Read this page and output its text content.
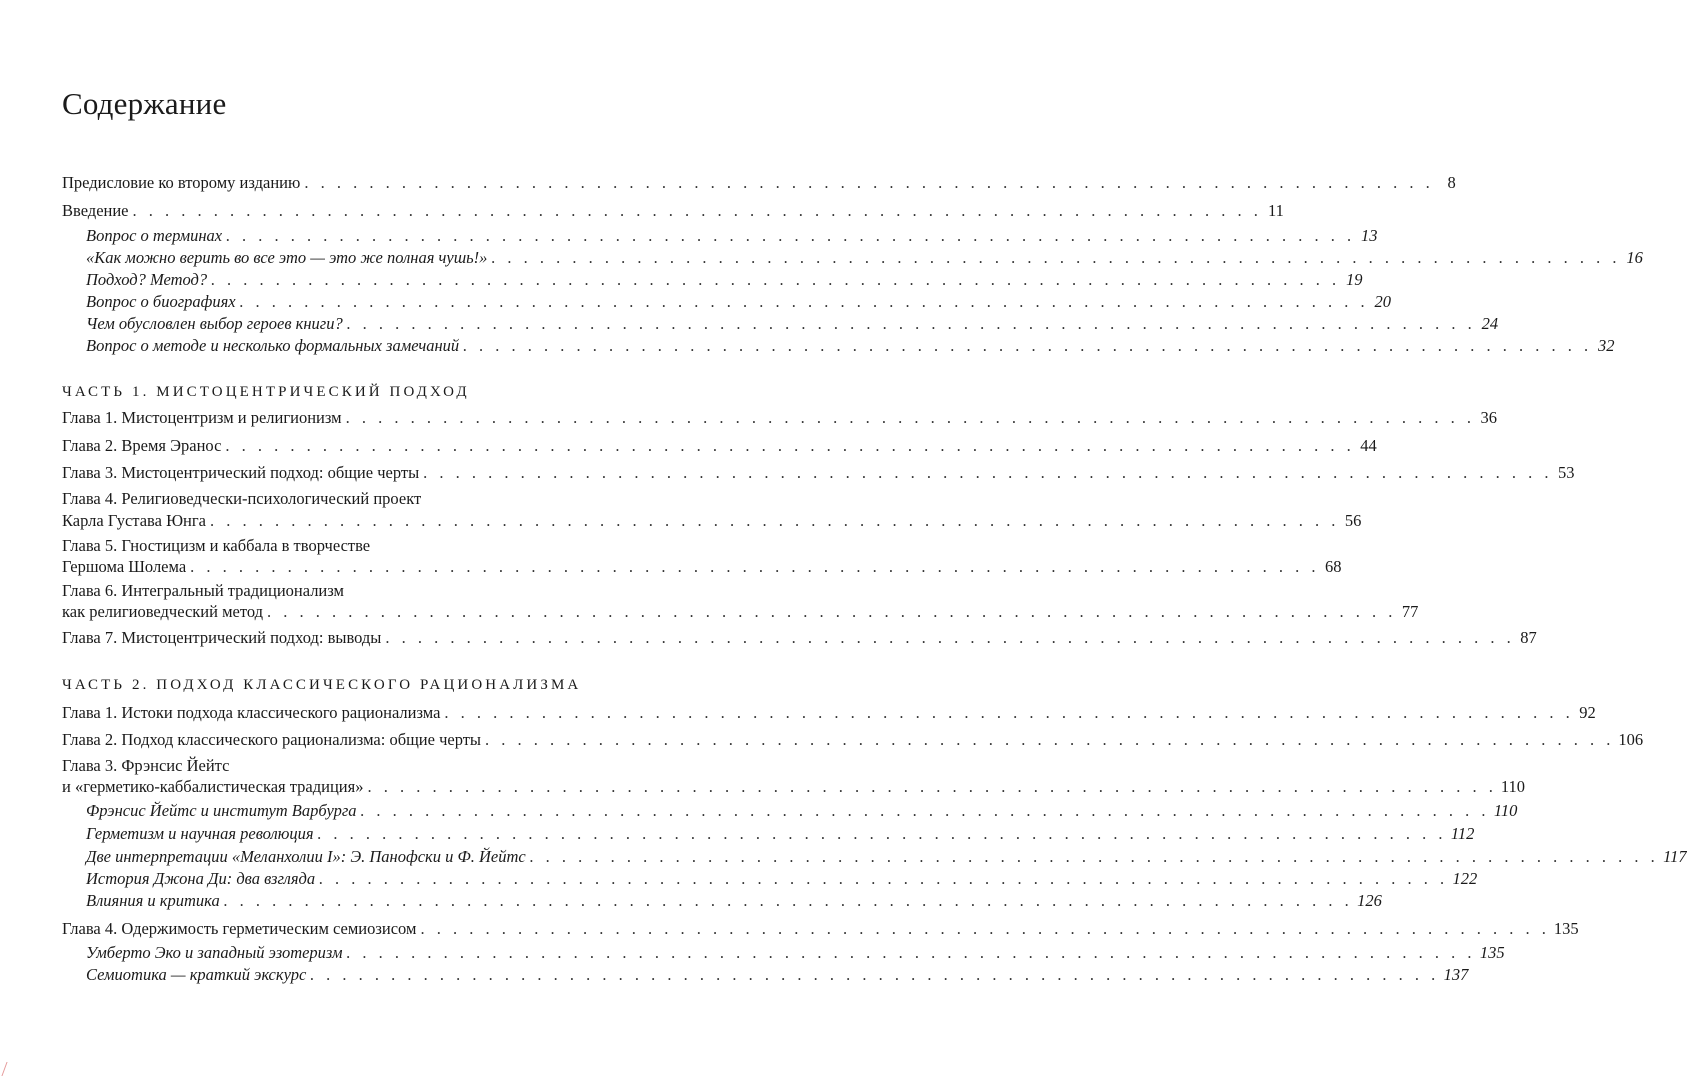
Содержание
Предисловие ко второму изданию . . . . . . . . . . . . . . . . . . . . . . . . . . . . . . . . . . . . . . . . . . . . . . . . . . . . . . . . . . . . . . . . . . . . . . 8
Введение . . . . . . . . . . . . . . . . . . . . . . . . . . . . . . . . . . . . . . . . . . . . . . . . . . . . . . . . . . . . . . . . . . . . . . 11
Вопрос о терминах . . . . . . . . . . . . . . . . . . . . . . . . . . . . . . . . . . . . . . . . . . . . . . . . . . . . . . . . . . . . . . . . . . . . . . 13
«Как можно верить во все это — это же полная чушь!» . . . . . . . . . . . . . . . . . . . . . . . . . . . . . . . . . . . . . . . . . . . . . . . . . . . . . . . . . . . . . . . . . . . . . . 16
Подход? Метод? . . . . . . . . . . . . . . . . . . . . . . . . . . . . . . . . . . . . . . . . . . . . . . . . . . . . . . . . . . . . . . . . . . . . . . 19
Вопрос о биографиях . . . . . . . . . . . . . . . . . . . . . . . . . . . . . . . . . . . . . . . . . . . . . . . . . . . . . . . . . . . . . . . . . . . . . . 20
Чем обусловлен выбор героев книги? . . . . . . . . . . . . . . . . . . . . . . . . . . . . . . . . . . . . . . . . . . . . . . . . . . . . . . . . . . . . . . . . . . . . . . 24
Вопрос о методе и несколько формальных замечаний . . . . . . . . . . . . . . . . . . . . . . . . . . . . . . . . . . . . . . . . . . . . . . . . . . . . . . . . . . . . . . . . . . . . . . 32
ЧАСТЬ 1. МИСТОЦЕНТРИЧЕСКИЙ ПОДХОД
Глава 1. Мистоцентризм и религионизм . . . . . . . . . . . . . . . . . . . . . . . . . . . . . . . . . . . . . . . . . . . . . . . . . . . . . . . . . . . . . . . . . . . . . . 36
Глава 2. Время Эранос . . . . . . . . . . . . . . . . . . . . . . . . . . . . . . . . . . . . . . . . . . . . . . . . . . . . . . . . . . . . . . . . . . . . . . 44
Глава 3. Мистоцентрический подход: общие черты . . . . . . . . . . . . . . . . . . . . . . . . . . . . . . . . . . . . . . . . . . . . . . . . . . . . . . . . . . . . . . . . . . . . . . 53
Глава 4. Религиоведчески-психологический проект
Карла Густава Юнга . . . . . . . . . . . . . . . . . . . . . . . . . . . . . . . . . . . . . . . . . . . . . . . . . . . . . . . . . . . . . . . . . . . . . . 56
Глава 5. Гностицизм и каббала в творчестве
Гершома Шолема . . . . . . . . . . . . . . . . . . . . . . . . . . . . . . . . . . . . . . . . . . . . . . . . . . . . . . . . . . . . . . . . . . . . . . 68
Глава 6. Интегральный традиционализм
как религиоведческий метод . . . . . . . . . . . . . . . . . . . . . . . . . . . . . . . . . . . . . . . . . . . . . . . . . . . . . . . . . . . . . . . . . . . . . . 77
Глава 7. Мистоцентрический подход: выводы . . . . . . . . . . . . . . . . . . . . . . . . . . . . . . . . . . . . . . . . . . . . . . . . . . . . . . . . . . . . . . . . . . . . . . 87
ЧАСТЬ 2. ПОДХОД КЛАССИЧЕСКОГО РАЦИОНАЛИЗМА
Глава 1. Истоки подхода классического рационализма . . . . . . . . . . . . . . . . . . . . . . . . . . . . . . . . . . . . . . . . . . . . . . . . . . . . . . . . . . . . . . . . . . . . . . 92
Глава 2. Подход классического рационализма: общие черты . . . . . . . . . . . . . . . . . . . . . . . . . . . . . . . . . . . . . . . . . . . . . . . . . . . . . . . . . . . . . . . . . . . . . . 106
Глава 3. Фрэнсис Йейтс
и «герметико-каббалистическая традиция» . . . . . . . . . . . . . . . . . . . . . . . . . . . . . . . . . . . . . . . . . . . . . . . . . . . . . . . . . . . . . . . . . . . . . . 110
Фрэнсис Йейтс и институт Варбурга . . . . . . . . . . . . . . . . . . . . . . . . . . . . . . . . . . . . . . . . . . . . . . . . . . . . . . . . . . . . . . . . . . . . . . 110
Герметизм и научная революция . . . . . . . . . . . . . . . . . . . . . . . . . . . . . . . . . . . . . . . . . . . . . . . . . . . . . . . . . . . . . . . . . . . . . . 112
Две интерпретации «Меланхолии I»: Э. Панофски и Ф. Йейтс . . . . . . . . . . . . . . . . . . . . . . . . . . . . . . . . . . . . . . . . . . . . . . . . . . . . . . . . . . . . . . . . . . . . . . 117
История Джона Ди: два взгляда . . . . . . . . . . . . . . . . . . . . . . . . . . . . . . . . . . . . . . . . . . . . . . . . . . . . . . . . . . . . . . . . . . . . . . 122
Влияния и критика . . . . . . . . . . . . . . . . . . . . . . . . . . . . . . . . . . . . . . . . . . . . . . . . . . . . . . . . . . . . . . . . . . . . . . 126
Глава 4. Одержимость герметическим семиозисом . . . . . . . . . . . . . . . . . . . . . . . . . . . . . . . . . . . . . . . . . . . . . . . . . . . . . . . . . . . . . . . . . . . . . . 135
Умберто Эко и западный эзотеризм . . . . . . . . . . . . . . . . . . . . . . . . . . . . . . . . . . . . . . . . . . . . . . . . . . . . . . . . . . . . . . . . . . . . . . 135
Семиотика — краткий экскурс . . . . . . . . . . . . . . . . . . . . . . . . . . . . . . . . . . . . . . . . . . . . . . . . . . . . . . . . . . . . . . . . . . . . . . 137
